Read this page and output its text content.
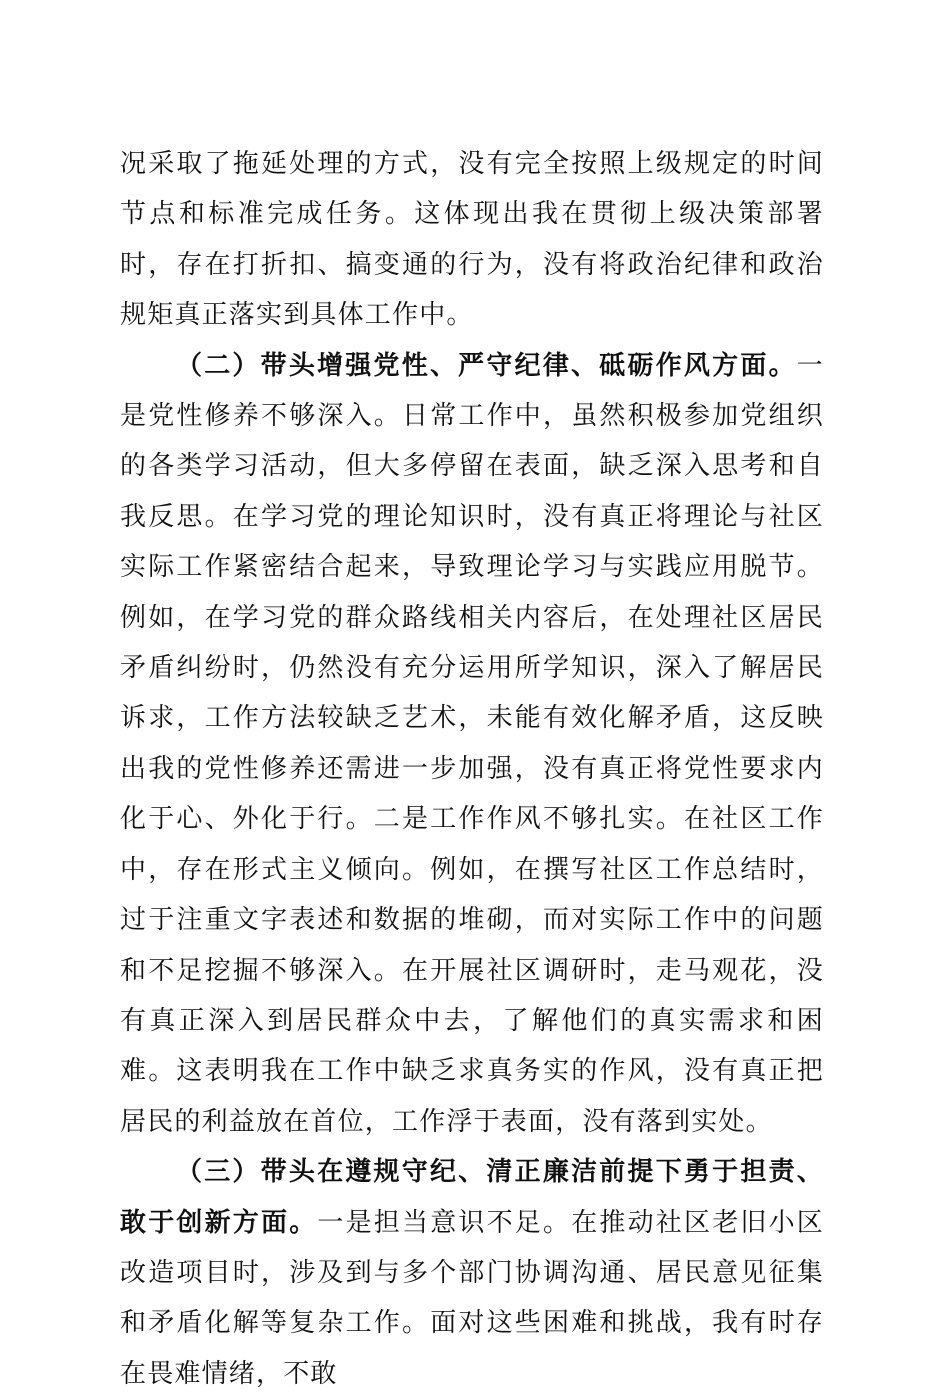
况采取了拖延处理的方式，没有完全按照上级规定的时间节点和标准完成任务。这体现出我在贯彻上级决策部署时，存在打折扣、搞变通的行为，没有将政治纪律和政治规矩真正落实到具体工作中。

（二）带头增强党性、严守纪律、砥砺作风方面。一是党性修养不够深入。日常工作中，虽然积极参加党组织的各类学习活动，但大多停留在表面，缺乏深入思考和自我反思。在学习党的理论知识时，没有真正将理论与社区实际工作紧密结合起来，导致理论学习与实践应用脱节。例如，在学习党的群众路线相关内容后，在处理社区居民矛盾纠纷时，仍然没有充分运用所学知识，深入了解居民诉求，工作方法较缺乏艺术，未能有效化解矛盾，这反映出我的党性修养还需进一步加强，没有真正将党性要求内化于心、外化于行。二是工作作风不够扎实。在社区工作中，存在形式主义倾向。例如，在撰写社区工作总结时，过于注重文字表述和数据的堆砌，而对实际工作中的问题和不足挖掘不够深入。在开展社区调研时，走马观花，没有真正深入到居民群众中去，了解他们的真实需求和困难。这表明我在工作中缺乏求真务实的作风，没有真正把居民的利益放在首位，工作浮于表面，没有落到实处。

（三）带头在遵规守纪、清正廉洁前提下勇于担责、敢于创新方面。一是担当意识不足。在推动社区老旧小区改造项目时，涉及到与多个部门协调沟通、居民意见征集和矛盾化解等复杂工作。面对这些困难和挑战，我有时存在畏难情绪，不敢
